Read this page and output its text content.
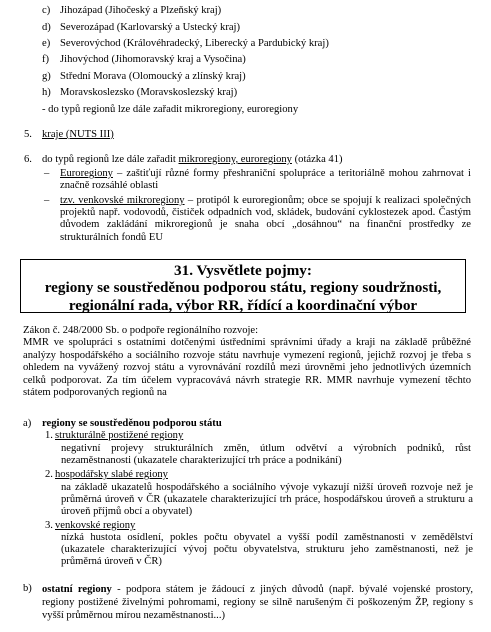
c) Jihozápad (Jihočeský a Plzeňský kraj)
d) Severozápad (Karlovarský a Ustecký kraj)
e) Severovýchod (Královéhradecký, Liberecký a Pardubický kraj)
f) Jihovýchod (Jihomoravský kraj a Vysočina)
g) Střední Morava (Olomoucký a zlínský kraj)
h) Moravskoslezsko (Moravskoslezský kraj)
- do typů regionů lze dále zařadit mikroregiony, euroregiony
5. kraje (NUTS III)
6. do typů regionů lze dále zařadit mikroregiony, euroregiony (otázka 41)
– Euroregiony – zaštiťují různé formy přeshraniční spolupráce a teritoriálně mohou zahrnovat i značně rozsáhlé oblasti
– tzv. venkovské mikroregiony – protipól k euroregionům; obce se spojují k realizaci společných projektů např. vodovodů, čističek odpadních vod, skládek, budování cyklostezek apod. Častým důvodem zakládání mikroregionů je snaha obcí „dosáhnou“ na finanční prostředky ze strukturálních fondů EU
31. Vysvětlete pojmy:
regiony se soustředěnou podporou státu, regiony soudržnosti,
regionální rada, výbor RR, řídící a koordinační výbor
Zákon č. 248/2000 Sb. o podpoře regionálního rozvoje:
MMR ve spolupráci s ostatními dotčenými ústředními správními úřady a kraji na základě průběžné analýzy hospodářského a sociálního rozvoje státu navrhuje vymezení regionů, jejichž rozvoj je třeba s ohledem na vyvážený rozvoj státu a vyrovnávání rozdílů mezi úrovněmi jeho jednotlivých územních celků podporovat. Za tím účelem vypracovává návrh strategie RR. MMR navrhuje vymezení těchto státem podporovaných regionů na
a) regiony se soustředěnou podporou státu
1. strukturálně postižené regiony
negativní projevy strukturálních změn, útlum odvětví a výrobních podniků, růst nezaměstnanosti (ukazatele charakterizující trh práce a podnikání)
2. hospodářsky slabé regiony
na základě ukazatelů hospodářského a sociálního vývoje vykazují nižší úroveň rozvoje než je průměrná úroveň v ČR (ukazatele charakterizující trh práce, hospodářskou úroveň a strukturu a úroveň příjmů obcí a obyvatel)
3. venkovské regiony
nízká hustota osídlení, pokles počtu obyvatel a vyšší podíl zaměstnanosti v zemědělství (ukazatele charakterizující vývoj počtu obyvatelstva, strukturu jeho zaměstnanosti, než je průměrná úroveň v ČR)
b) ostatní regiony - podpora státem je žádoucí z jiných důvodů (např. bývalé vojenské prostory, regiony postižené živelnými pohromami, regiony se silně narušeným či poškozeným ŽP, regiony s vyšší průměrnou mírou nezaměstnanosti...)
